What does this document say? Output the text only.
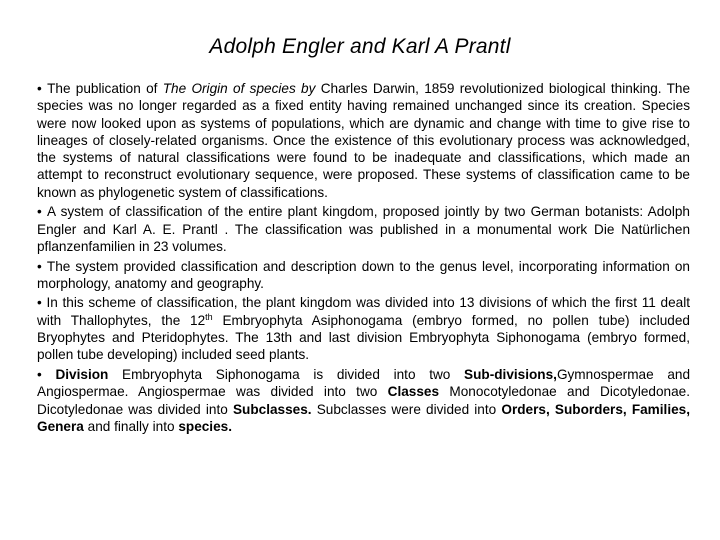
Adolph Engler and Karl A Prantl

• The publication of The Origin of species by Charles Darwin, 1859 revolutionized biological thinking. The species was no longer regarded as a fixed entity having remained unchanged since its creation. Species were now looked upon as systems of populations, which are dynamic and change with time to give rise to lineages of closely-related organisms. Once the existence of this evolutionary process was acknowledged, the systems of natural classifications were found to be inadequate and classifications, which made an attempt to reconstruct evolutionary sequence, were proposed. These systems of classification came to be known as phylogenetic system of classifications.

• A system of classification of the entire plant kingdom, proposed jointly by two German botanists: Adolph Engler and Karl A. E. Prantl . The classification was published in a monumental work Die Natürlichen pflanzenfamilien in 23 volumes.

• The system provided classification and description down to the genus level, incorporating information on morphology, anatomy and geography.

• In this scheme of classification, the plant kingdom was divided into 13 divisions of which the first 11 dealt with Thallophytes, the 12th Embryophyta Asiphonogama (embryo formed, no pollen tube) included Bryophytes and Pteridophytes. The 13th and last division Embryophyta Siphonogama (embryo formed, pollen tube developing) included seed plants.

• Division Embryophyta Siphonogama is divided into two Sub-divisions,Gymnospermae and Angiospermae. Angiospermae was divided into two Classes Monocotyledonae and Dicotyledonae. Dicotyledonae was divided into Subclasses. Subclasses were divided into Orders, Suborders, Families, Genera and finally into species.
